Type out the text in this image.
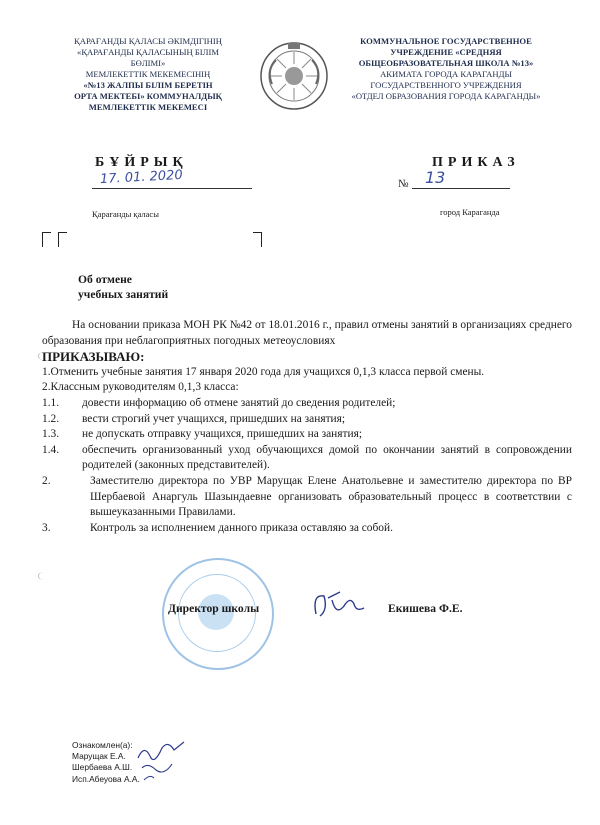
ҚАРАҒАНДЫ ҚАЛАСЫ ӘКІМДІГІНІҢ
«ҚАРАҒАНДЫ ҚАЛАСЫНЫҢ БІЛІМ
БӨЛІМІ»
МЕМЛЕКЕТТІК МЕКЕМЕСІНІҢ
«№13 ЖАЛПЫ БІЛІМ БЕРЕТІН
ОРТА МЕКТЕБІ» КОММУНАЛДЫҚ
МЕМЛЕКЕТТІК МЕКЕМЕСІ
КОММУНАЛЬНОЕ ГОСУДАРСТВЕННОЕ
УЧРЕЖДЕНИЕ «СРЕДНЯЯ
ОБЩЕОБРАЗОВАТЕЛЬНАЯ ШКОЛА №13»
АКИМАТА ГОРОДА КАРАГАНДЫ
ГОСУДАРСТВЕННОГО УЧРЕЖДЕНИЯ
«ОТДЕЛ ОБРАЗОВАНИЯ ГОРОДА КАРАГАНДЫ»
БҰЙРЫҚ	ПРИКАЗ
17. 01. 2020	№ 13
Қарағанды қаласы	город Караганда
Об отмене
учебных занятий

На основании приказа МОН РК №42 от 18.01.2016 г., правил отмены занятий в организациях среднего образования при неблагоприятных погодных метеоусловиях

ПРИКАЗЫВАЮ:

1.Отменить учебные занятия 17 января 2020 года для учащихся 0,1,3 класса первой смены.

2.Классным руководителям 0,1,3 класса:

1.1.	довести информацию об отмене занятий до сведения родителей;
1.2.	вести строгий учет учащихся, пришедших на занятия;
1.3.	не допускать отправку учащихся, пришедших на занятия;
1.4.	обеспечить организованный уход обучающихся домой по окончании занятий в сопровождении родителей (законных представителей).
2.	Заместителю директора по УВР Марущак Елене Анатольевне и заместителю директора по ВР Шербаевой Анаргуль Шазындаевне организовать образовательный процесс в соответствии с вышеуказанными Правилами.
3.	Контроль за исполнением данного приказа оставляю за собой.
Директор школы	Екишева Ф.Е.
Ознакомлен(а):
Марущак Е.А.
Шербаева А.Ш.
Исп.Абеуова А.А.
